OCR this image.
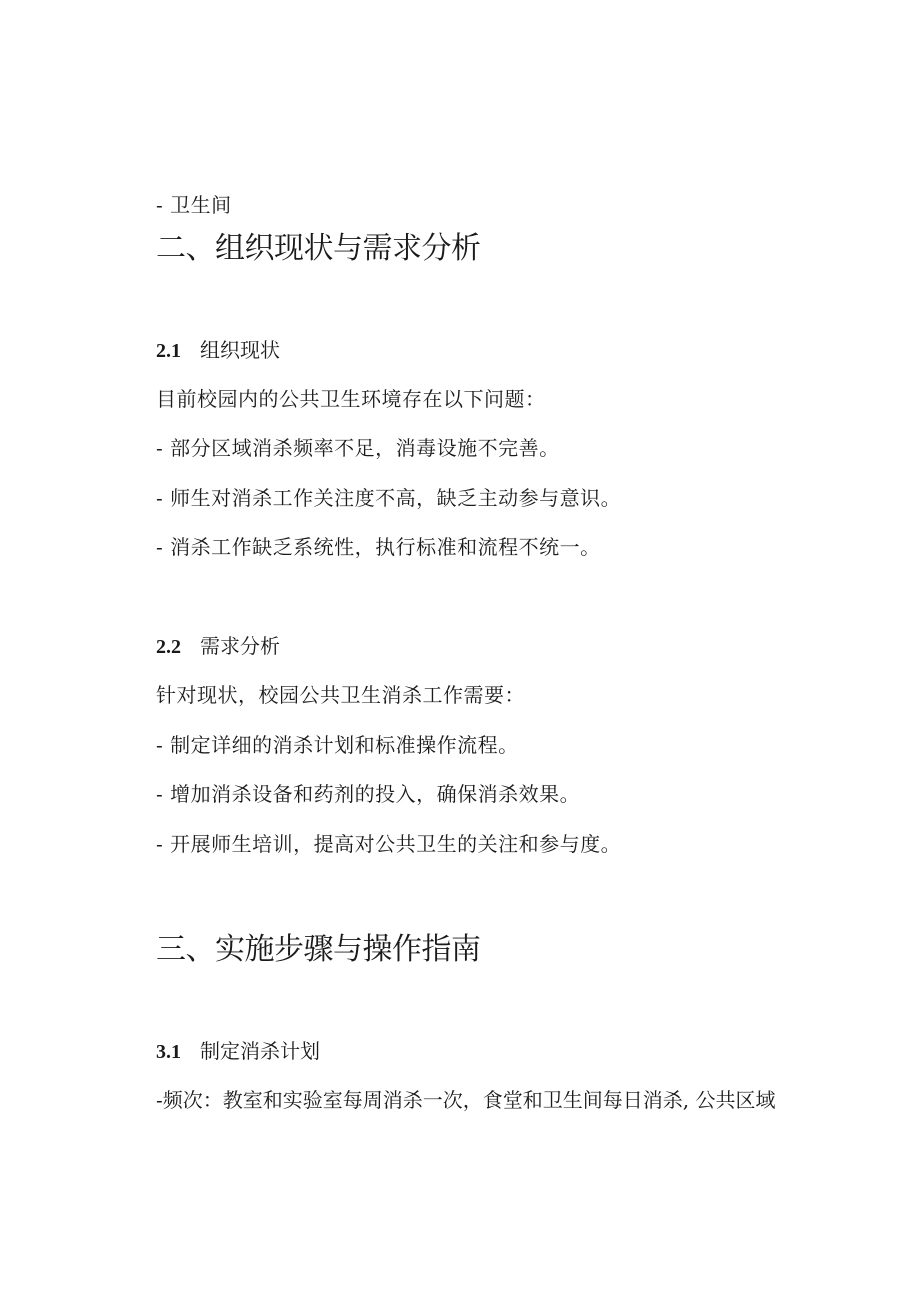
- 卫生间
二、组织现状与需求分析
2.1 组织现状
目前校园内的公共卫生环境存在以下问题：
- 部分区域消杀频率不足，消毒设施不完善。
- 师生对消杀工作关注度不高，缺乏主动参与意识。
- 消杀工作缺乏系统性，执行标准和流程不统一。
2.2 需求分析
针对现状，校园公共卫生消杀工作需要：
- 制定详细的消杀计划和标准操作流程。
- 增加消杀设备和药剂的投入，确保消杀效果。
- 开展师生培训，提高对公共卫生的关注和参与度。
三、实施步骤与操作指南
3.1 制定消杀计划
-频次：教室和实验室每周消杀一次，食堂和卫生间每日消杀, 公共区域
